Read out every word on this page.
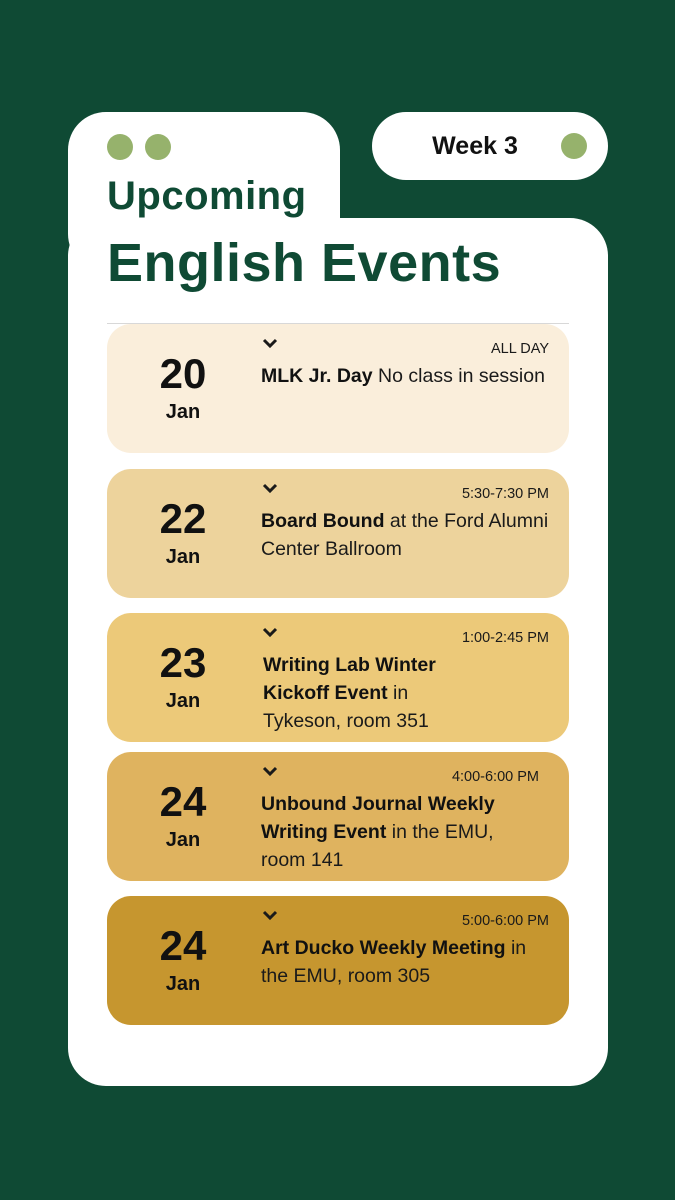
Week 3
Upcoming
English Events
20
Jan
ALL DAY
MLK Jr. Day No class in session
22
Jan
5:30-7:30 PM
Board Bound at the Ford Alumni Center Ballroom
23
Jan
1:00-2:45 PM
Writing Lab Winter Kickoff Event in Tykeson, room 351
24
Jan
4:00-6:00 PM
Unbound Journal Weekly Writing Event in the EMU, room 141
24
Jan
5:00-6:00 PM
Art Ducko Weekly Meeting in the EMU, room 305
